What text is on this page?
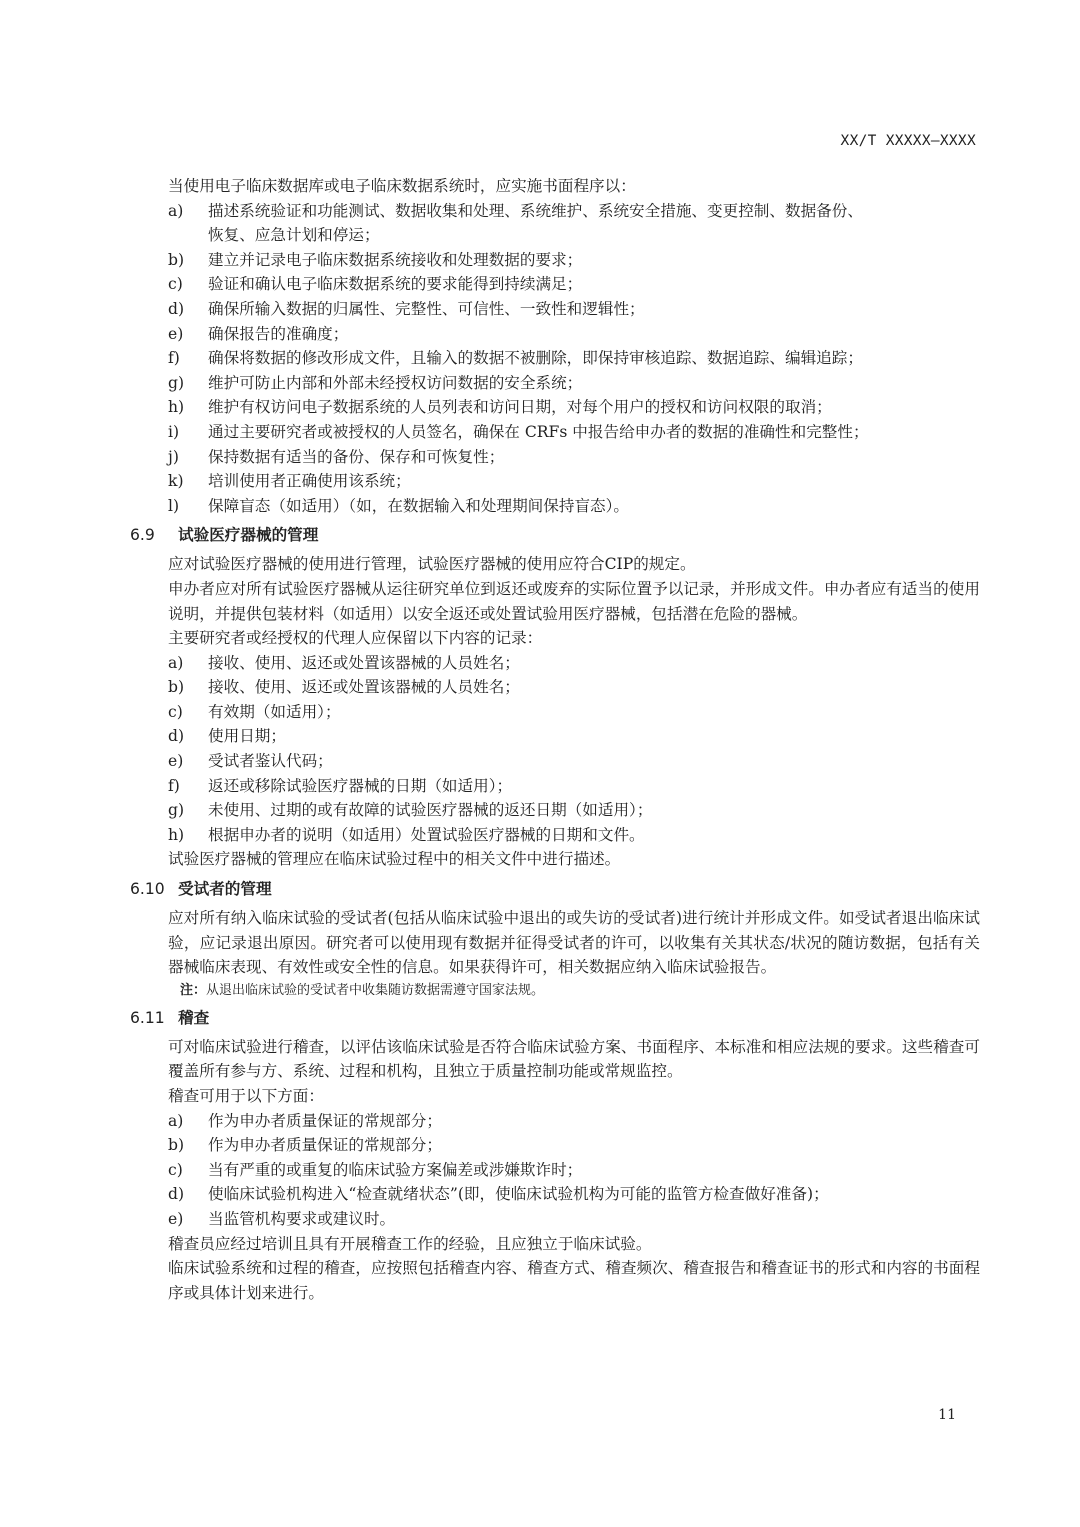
XX/T XXXXX—XXXX
当使用电子临床数据库或电子临床数据系统时，应实施书面程序以：
a)	描述系统验证和功能测试、数据收集和处理、系统维护、系统安全措施、变更控制、数据备份、
恢复、应急计划和停运；
b)	建立并记录电子临床数据系统接收和处理数据的要求；
c)	验证和确认电子临床数据系统的要求能得到持续满足；
d)	确保所输入数据的归属性、完整性、可信性、一致性和逻辑性；
e)	确保报告的准确度；
f)	确保将数据的修改形成文件，且输入的数据不被删除，即保持审核追踪、数据追踪、编辑追踪；
g)	维护可防止内部和外部未经授权访问数据的安全系统；
h)	维护有权访问电子数据系统的人员列表和访问日期，对每个用户的授权和访问权限的取消；
i)	通过主要研究者或被授权的人员签名，确保在 CRFs 中报告给申办者的数据的准确性和完整性；
j)	保持数据有适当的备份、保存和可恢复性；
k)	培训使用者正确使用该系统；
l)	保障盲态（如适用）（如，在数据输入和处理期间保持盲态）。
6.9 试验医疗器械的管理
应对试验医疗器械的使用进行管理，试验医疗器械的使用应符合CIP的规定。
申办者应对所有试验医疗器械从运往研究单位到返还或废弃的实际位置予以记录，并形成文件。申办者应有适当的使用说明，并提供包装材料（如适用）以安全返还或处置试验用医疗器械，包括潜在危险的器械。
主要研究者或经授权的代理人应保留以下内容的记录：
a)	接收、使用、返还或处置该器械的人员姓名；
b)	接收、使用、返还或处置该器械的人员姓名；
c)	有效期（如适用）；
d)	使用日期；
e)	受试者鉴认代码；
f)	返还或移除试验医疗器械的日期（如适用）；
g)	未使用、过期的或有故障的试验医疗器械的返还日期（如适用）；
h)	根据申办者的说明（如适用）处置试验医疗器械的日期和文件。
试验医疗器械的管理应在临床试验过程中的相关文件中进行描述。
6.10 受试者的管理
应对所有纳入临床试验的受试者(包括从临床试验中退出的或失访的受试者)进行统计并形成文件。如受试者退出临床试验，应记录退出原因。研究者可以使用现有数据并征得受试者的许可，以收集有关其状态/状况的随访数据，包括有关器械临床表现、有效性或安全性的信息。如果获得许可，相关数据应纳入临床试验报告。
注：从退出临床试验的受试者中收集随访数据需遵守国家法规。
6.11 稽查
可对临床试验进行稽查，以评估该临床试验是否符合临床试验方案、书面程序、本标准和相应法规的要求。这些稽查可覆盖所有参与方、系统、过程和机构，且独立于质量控制功能或常规监控。
稽查可用于以下方面：
a)	作为申办者质量保证的常规部分；
b)	作为申办者质量保证的常规部分；
c)	当有严重的或重复的临床试验方案偏差或涉嫌欺诈时；
d)	使临床试验机构进入“检查就绪状态”(即，使临床试验机构为可能的监管方检查做好准备)；
e)	当监管机构要求或建议时。
稽查员应经过培训且具有开展稽查工作的经验，且应独立于临床试验。
临床试验系统和过程的稽查，应按照包括稽查内容、稽查方式、稽查频次、稽查报告和稽查证书的形式和内容的书面程序或具体计划来进行。
11
